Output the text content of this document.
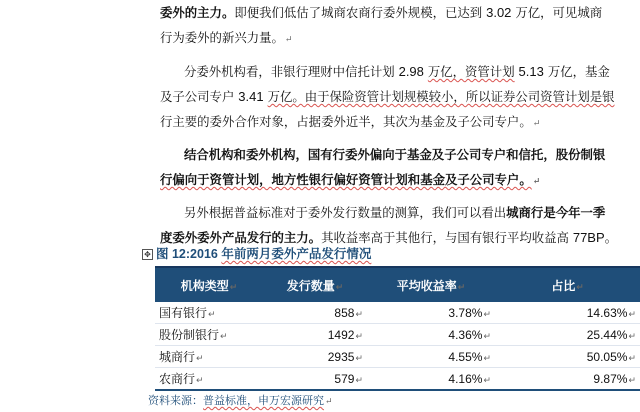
委外的主力。即便我们低估了城商农商行委外规模，已达到 3.02 万亿，可见城商
行为委外的新兴力量。↵
分委外机构看，非银行理财中信托计划 2.98 万亿，资管计划 5.13 万亿，基金
及子公司专户 3.41 万亿。由于保险资管计划规模较小，所以证券公司资管计划是银
行主要的委外合作对象，占据委外近半，其次为基金及子公司专户。↵
结合机构和委外机构，国有行委外偏向于基金及子公司专户和信托，股份制银
行偏向于资管计划，地方性银行偏好资管计划和基金及子公司专户。↵
另外根据普益标准对于委外发行数量的测算，我们可以看出城商行是今年一季
度委外委外产品发行的主力。其收益率高于其他行，与国有银行平均收益高 77BP。
✥ 图 12:2016 年前两月委外产品发行情况
机构类型↵	发行数量↵	平均收益率↵	占比↵
国有银行↵	858↵	3.78%↵	14.63%↵
股份制银行↵	1492↵	4.36%↵	25.44%↵
城商行↵	2935↵	4.55%↵	50.05%↵
农商行↵	579↵	4.16%↵	9.87%↵
资料来源：普益标准，申万宏源研究↵
